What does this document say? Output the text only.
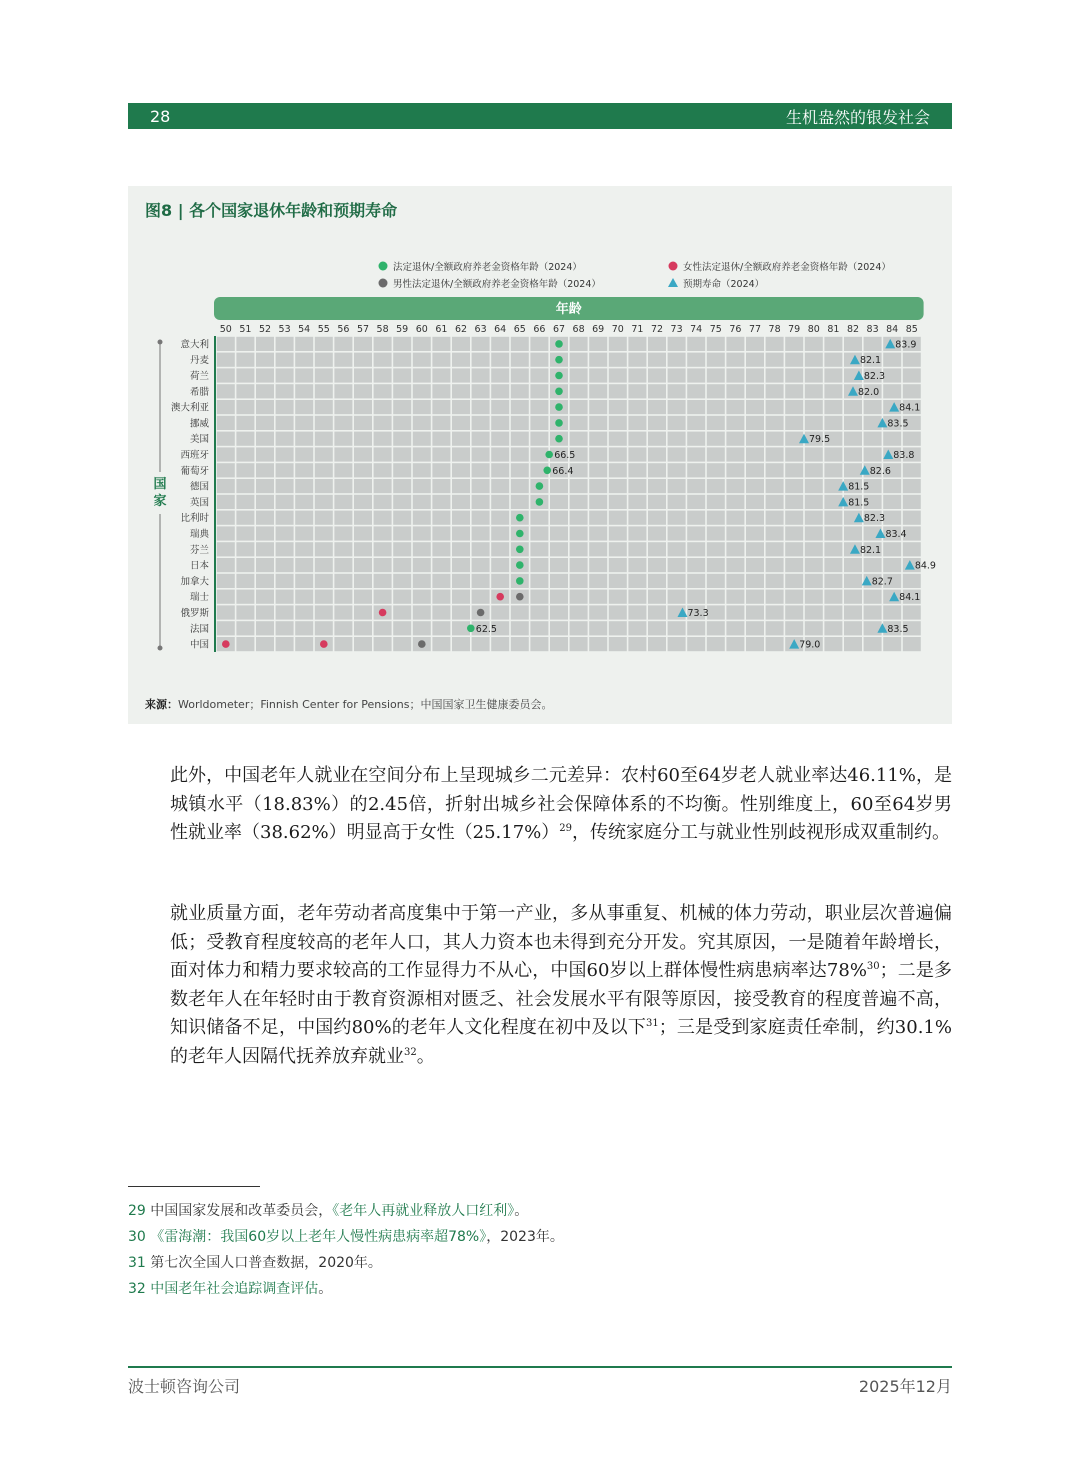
28	生机盎然的银发社会
法定退休/全额政府养老金资格年龄（2024）	女性法定退休/全额政府养老金资格年龄（2024）
男性法定退休/全额政府养老金资格年龄（2024）	预期寿命（2024）
年龄
50 51 52 53 54 55 56 57 58 59 60 61 62 63 64 65 66 67 68 69 70 71 72 73 74 75 76 77 78 79 80 81 82 83 84 85
国
家
意大利	83.9
丹麦	82.1
荷兰	82.3
希腊	82.0
澳大利亚	84.1
挪威	83.5
美国	79.5
西班牙	66.5	83.8
葡萄牙	66.4	82.6
德国	81.5
英国	81.5
比利时	82.3
瑞典	83.4
芬兰	82.1
日本	84.9
加拿大	82.7
瑞士	84.1
俄罗斯	73.3
法国	62.5	83.5
中国	79.0
图8 | 各个国家退休年龄和预期寿命
来源：Worldometer；Finnish Center for Pensions；中国国家卫生健康委员会。

此外，中国老年人就业在空间分布上呈现城乡二元差异：农村60至64岁老人就业率达46.11%，是城镇水平（18.83%）的2.45倍，折射出城乡社会保障体系的不均衡。性别维度上，60至64岁男性就业率（38.62%）明显高于女性$(25.17\%)^{29}$，传统家庭分工与就业性别歧视形成双重制约。

就业质量方面，老年劳动者高度集中于第一产业，多从事重复、机械的体力劳动，职业层次普遍偏低；受教育程度较高的老年人口，其人力资本也未得到充分开发。究其原因，一是随着年龄增长，面对体力和精力要求较高的工作显得力不从心，中国60岁以上群体慢性病患病率达78%$^{30}$；二是多数老年人在年轻时由于教育资源相对匮乏、社会发展水平有限等原因，接受教育的程度普遍不高，知识储备不足，中国约80%的老年人文化程度在初中及以下$^{31}$；三是受到家庭责任牵制，约30.1%的老年人因隔代抚养放弃就业$^{32}$。

29 中国国家发展和改革委员会，《老年人再就业释放人口红利》。
30 《雷海潮：我国60岁以上老年人慢性病患病率超78%》，2023年。
31 第七次全国人口普查数据，2020年。
32 中国老年社会追踪调查评估。
波士顿咨询公司	2025年12月
